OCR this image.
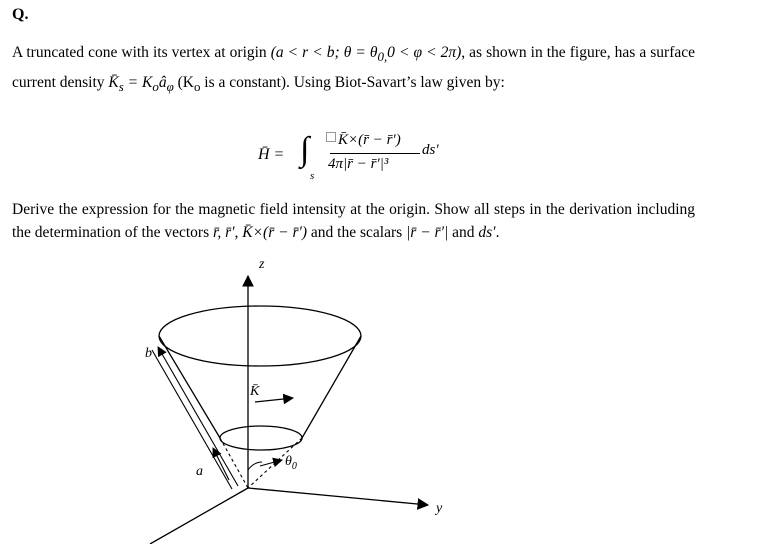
Q.
A truncated cone with its vertex at origin (a < r < b; $\theta = \theta_{0,}0 < \varphi < 2\pi$), as shown in the figure, has a surface current density $K̄_s$ = $K_oâ_\varphi$ ($K_o$ is a constant). Using Biot-Savart’s law given by:
H̄ = ∫
s
K̄×(r̄ − r̄′)
4π|r̄ − r̄′|³
ds′
Derive the expression for the magnetic field intensity at the origin. Show all steps in the derivation including the determination of the vectors r̄, r̄′, K̄×(r̄ − r̄′) and the scalars |r̄ − r̄′| and ds′.
z
y
b
a
K̄
$\theta_0$
